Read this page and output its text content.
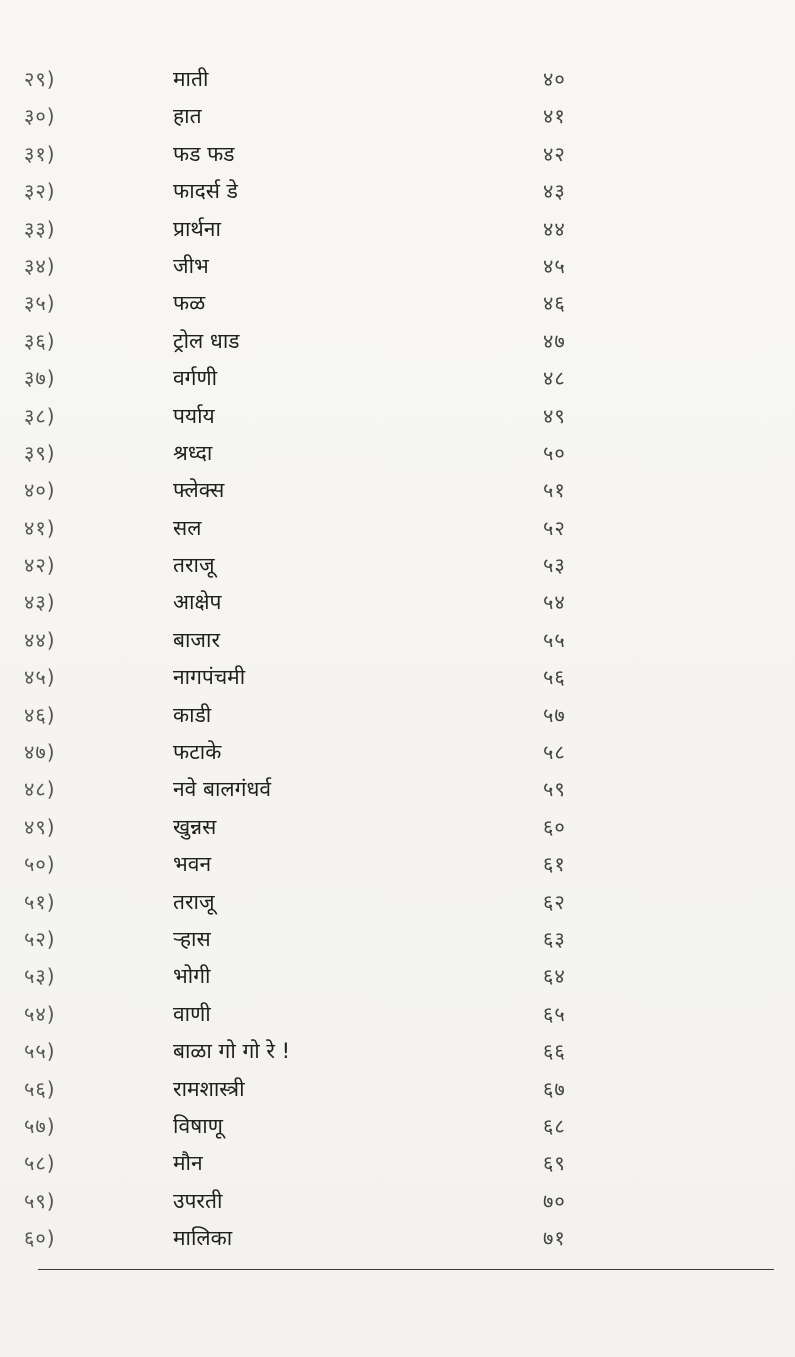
२९)	माती	४०
३०)	हात	४१
३१)	फड फड	४२
३२)	फादर्स डे	४३
३३)	प्रार्थना	४४
३४)	जीभ	४५
३५)	फळ	४६
३६)	ट्रोल धाड	४७
३७)	वर्गणी	४८
३८)	पर्याय	४९
३९)	श्रध्दा	५०
४०)	फ्लेक्स	५१
४१)	सल	५२
४२)	तराजू	५३
४३)	आक्षेप	५४
४४)	बाजार	५५
४५)	नागपंचमी	५६
४६)	काडी	५७
४७)	फटाके	५८
४८)	नवे बालगंधर्व	५९
४९)	खुन्नस	६०
५०)	भवन	६१
५१)	तराजू	६२
५२)	ऱ्हास	६३
५३)	भोगी	६४
५४)	वाणी	६५
५५)	बाळा गो गो रे !	६६
५६)	रामशास्त्री	६७
५७)	विषाणू	६८
५८)	मौन	६९
५९)	उपरती	७०
६०)	मालिका	७१
